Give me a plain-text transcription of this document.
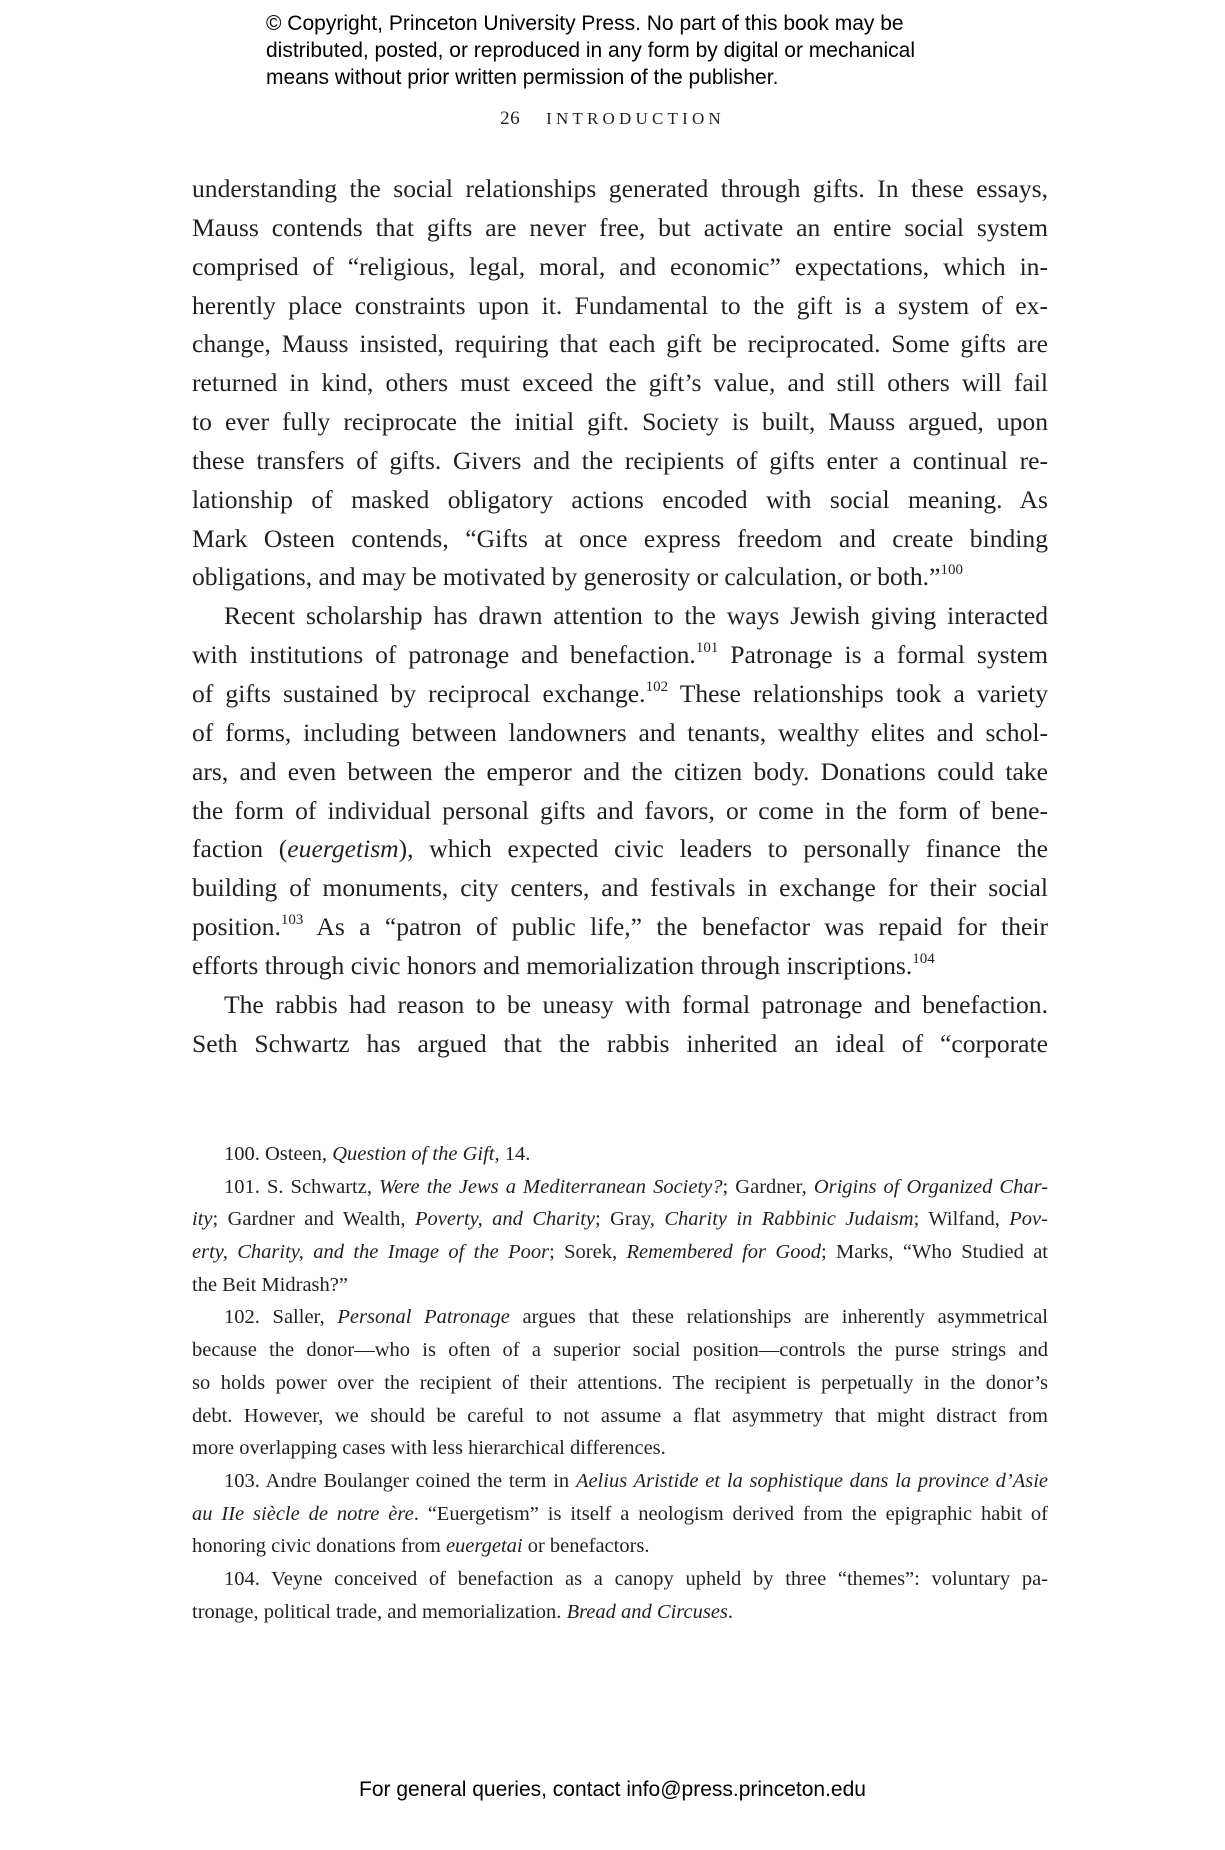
© Copyright, Princeton University Press. No part of this book may be
distributed, posted, or reproduced in any form by digital or mechanical
means without prior written permission of the publisher.
26 INTRODUCTION
understanding the social relationships generated through gifts. In these essays,
Mauss contends that gifts are never free, but activate an entire social system
comprised of “religious, legal, moral, and economic” expectations, which in-
herently place constraints upon it. Fundamental to the gift is a system of ex-
change, Mauss insisted, requiring that each gift be reciprocated. Some gifts are
returned in kind, others must exceed the gift’s value, and still others will fail
to ever fully reciprocate the initial gift. Society is built, Mauss argued, upon
these transfers of gifts. Givers and the recipients of gifts enter a continual re-
lationship of masked obligatory actions encoded with social meaning. As
Mark Osteen contends, “Gifts at once express freedom and create binding
obligations, and may be motivated by generosity or calculation, or both.”$^{100}$
Recent scholarship has drawn attention to the ways Jewish giving interacted
with institutions of patronage and benefaction.$^{101}$ Patronage is a formal system
of gifts sustained by reciprocal exchange.$^{102}$ These relationships took a variety
of forms, including between landowners and tenants, wealthy elites and schol-
ars, and even between the emperor and the citizen body. Donations could take
the form of individual personal gifts and favors, or come in the form of bene-
faction (euergetism), which expected civic leaders to personally finance the
building of monuments, city centers, and festivals in exchange for their social
position.$^{103}$ As a “patron of public life,” the benefactor was repaid for their
efforts through civic honors and memorialization through inscriptions.$^{104}$
The rabbis had reason to be uneasy with formal patronage and benefaction.
Seth Schwartz has argued that the rabbis inherited an ideal of “corporate
100. Osteen, Question of the Gift, 14.
101. S. Schwartz, Were the Jews a Mediterranean Society?; Gardner, Origins of Organized Char-
ity; Gardner and Wealth, Poverty, and Charity; Gray, Charity in Rabbinic Judaism; Wilfand, Pov-
erty, Charity, and the Image of the Poor; Sorek, Remembered for Good; Marks, “Who Studied at
the Beit Midrash?”
102. Saller, Personal Patronage argues that these relationships are inherently asymmetrical
because the donor—who is often of a superior social position—controls the purse strings and
so holds power over the recipient of their attentions. The recipient is perpetually in the donor’s
debt. However, we should be careful to not assume a flat asymmetry that might distract from
more overlapping cases with less hierarchical differences.
103. Andre Boulanger coined the term in Aelius Aristide et la sophistique dans la province d’Asie
au IIe siècle de notre ère. “Euergetism” is itself a neologism derived from the epigraphic habit of
honoring civic donations from euergetai or benefactors.
104. Veyne conceived of benefaction as a canopy upheld by three “themes”: voluntary pa-
tronage, political trade, and memorialization. Bread and Circuses.
For general queries, contact info@press.princeton.edu
